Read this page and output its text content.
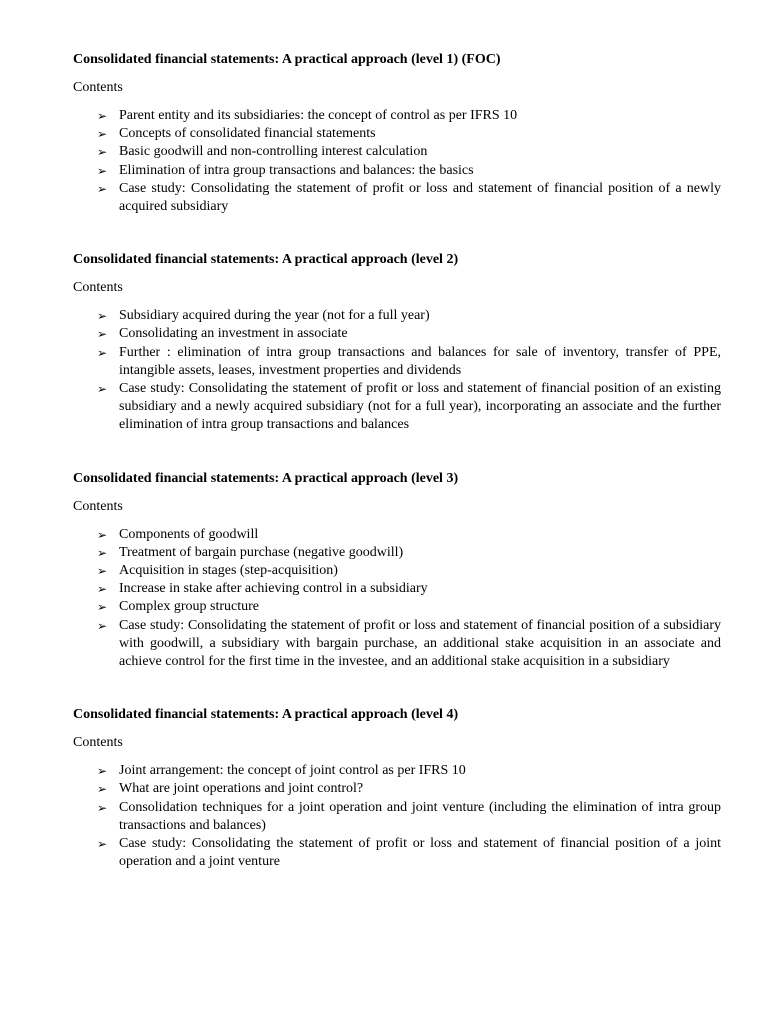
Consolidated financial statements: A practical approach (level 1) (FOC)

Contents

➢ Parent entity and its subsidiaries: the concept of control as per IFRS 10
➢ Concepts of consolidated financial statements
➢ Basic goodwill and non-controlling interest calculation
➢ Elimination of intra group transactions and balances: the basics
➢ Case study: Consolidating the statement of profit or loss and statement of financial position of a newly acquired subsidiary

Consolidated financial statements: A practical approach (level 2)

Contents

➢ Subsidiary acquired during the year (not for a full year)
➢ Consolidating an investment in associate
➢ Further : elimination of intra group transactions and balances for sale of inventory, transfer of PPE, intangible assets, leases, investment properties and dividends
➢ Case study: Consolidating the statement of profit or loss and statement of financial position of an existing subsidiary and a newly acquired subsidiary (not for a full year), incorporating an associate and the further elimination of intra group transactions and balances

Consolidated financial statements: A practical approach (level 3)

Contents

➢ Components of goodwill
➢ Treatment of bargain purchase (negative goodwill)
➢ Acquisition in stages (step-acquisition)
➢ Increase in stake after achieving control in a subsidiary
➢ Complex group structure
➢ Case study: Consolidating the statement of profit or loss and statement of financial position of a subsidiary with goodwill, a subsidiary with bargain purchase, an additional stake acquisition in an associate and achieve control for the first time in the investee, and an additional stake acquisition in a subsidiary

Consolidated financial statements: A practical approach (level 4)

Contents

➢ Joint arrangement: the concept of joint control as per IFRS 10
➢ What are joint operations and joint control?
➢ Consolidation techniques for a joint operation and joint venture (including the elimination of intra group transactions and balances)
➢ Case study: Consolidating the statement of profit or loss and statement of financial position of a joint operation and a joint venture
